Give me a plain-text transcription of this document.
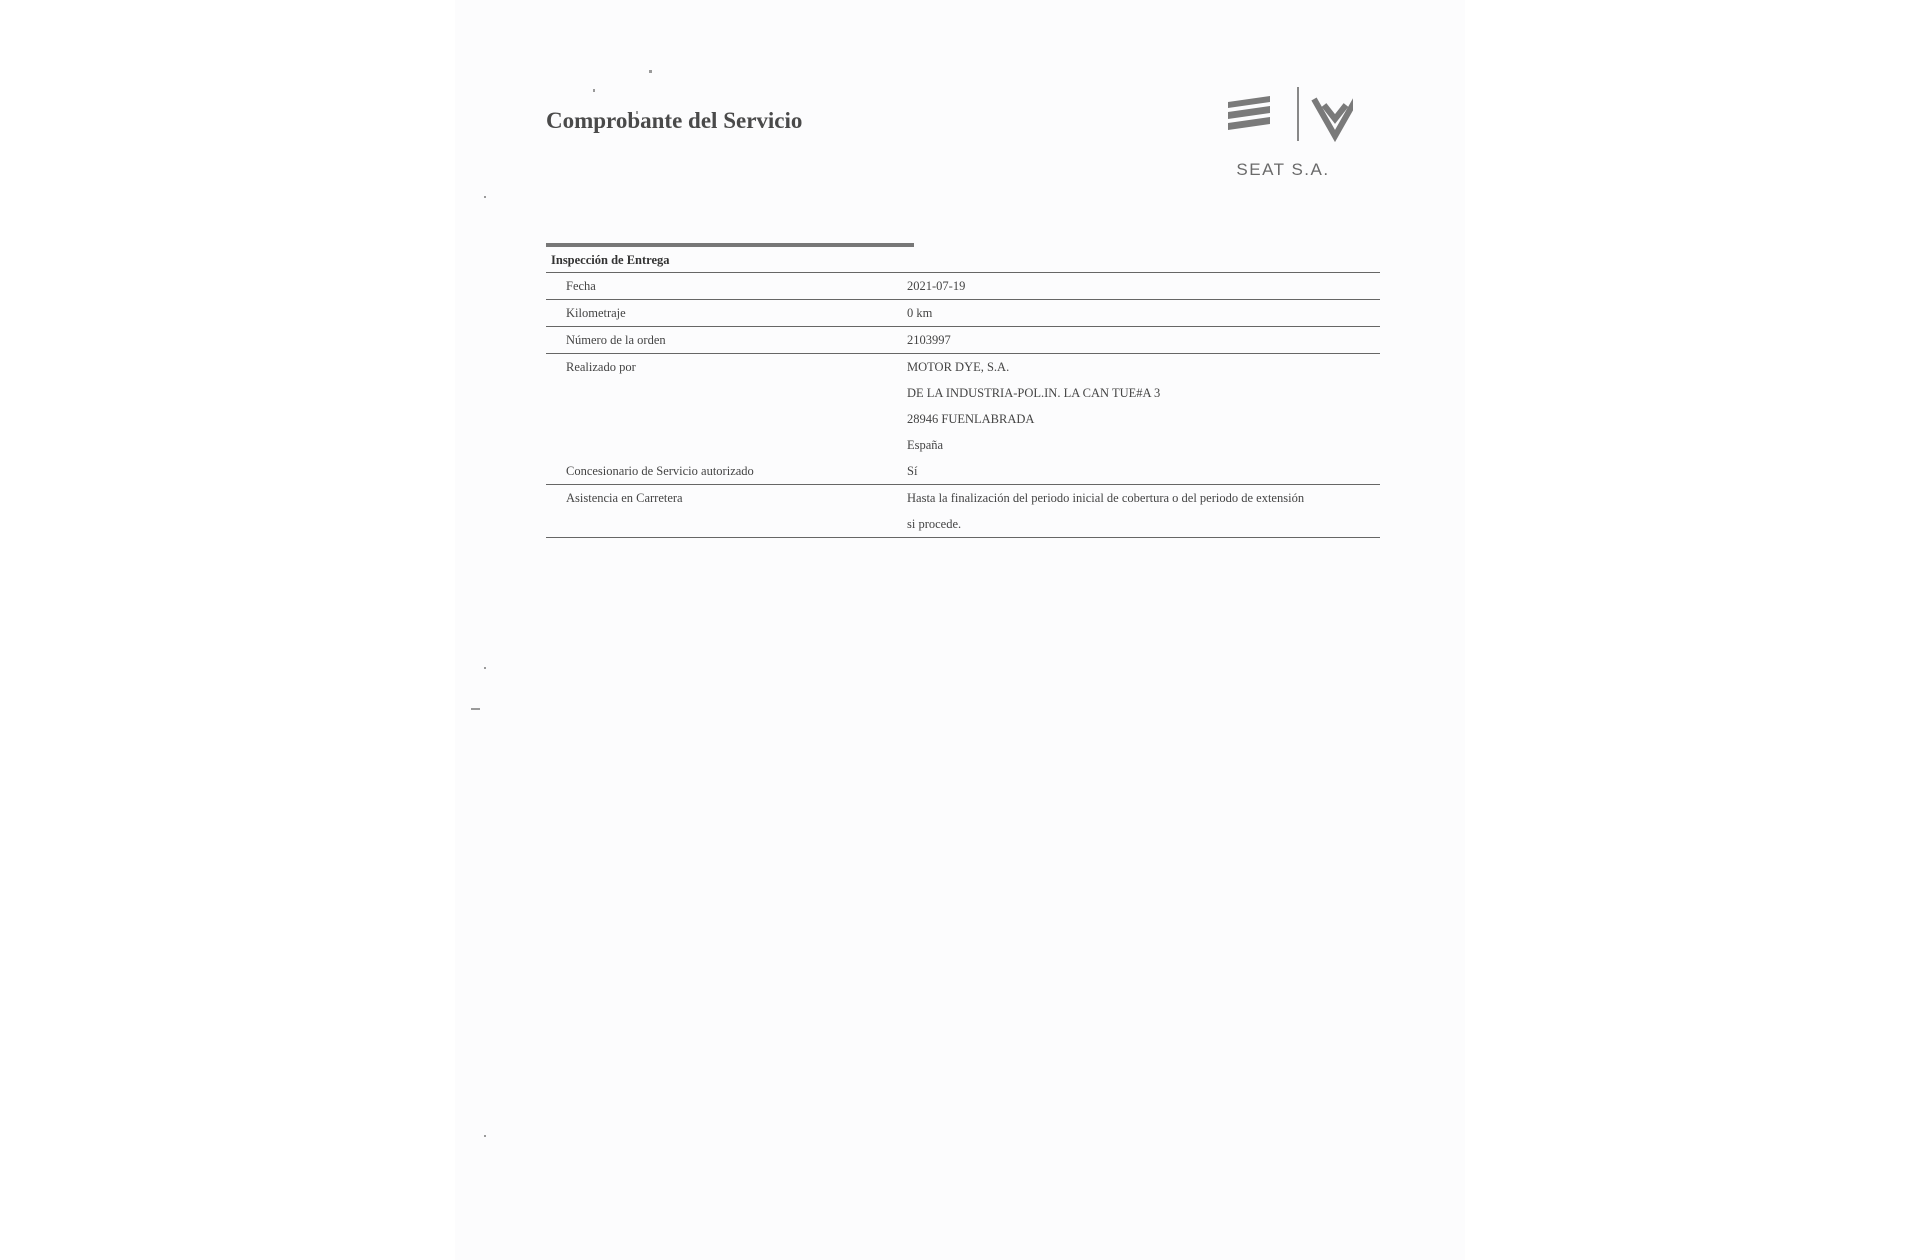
Comprobante del Servicio
SEAT S.A.
Inspección de Entrega
Fecha	2021-07-19
Kilometraje	0 km
Número de la orden	2103997
Realizado por	MOTOR DYE, S.A.
DE LA INDUSTRIA-POL.IN. LA CAN TUE#A 3
28946 FUENLABRADA
España
Concesionario de Servicio autorizado	Sí
Asistencia en Carretera	Hasta la finalización del periodo inicial de cobertura o del periodo de extensión
si procede.
